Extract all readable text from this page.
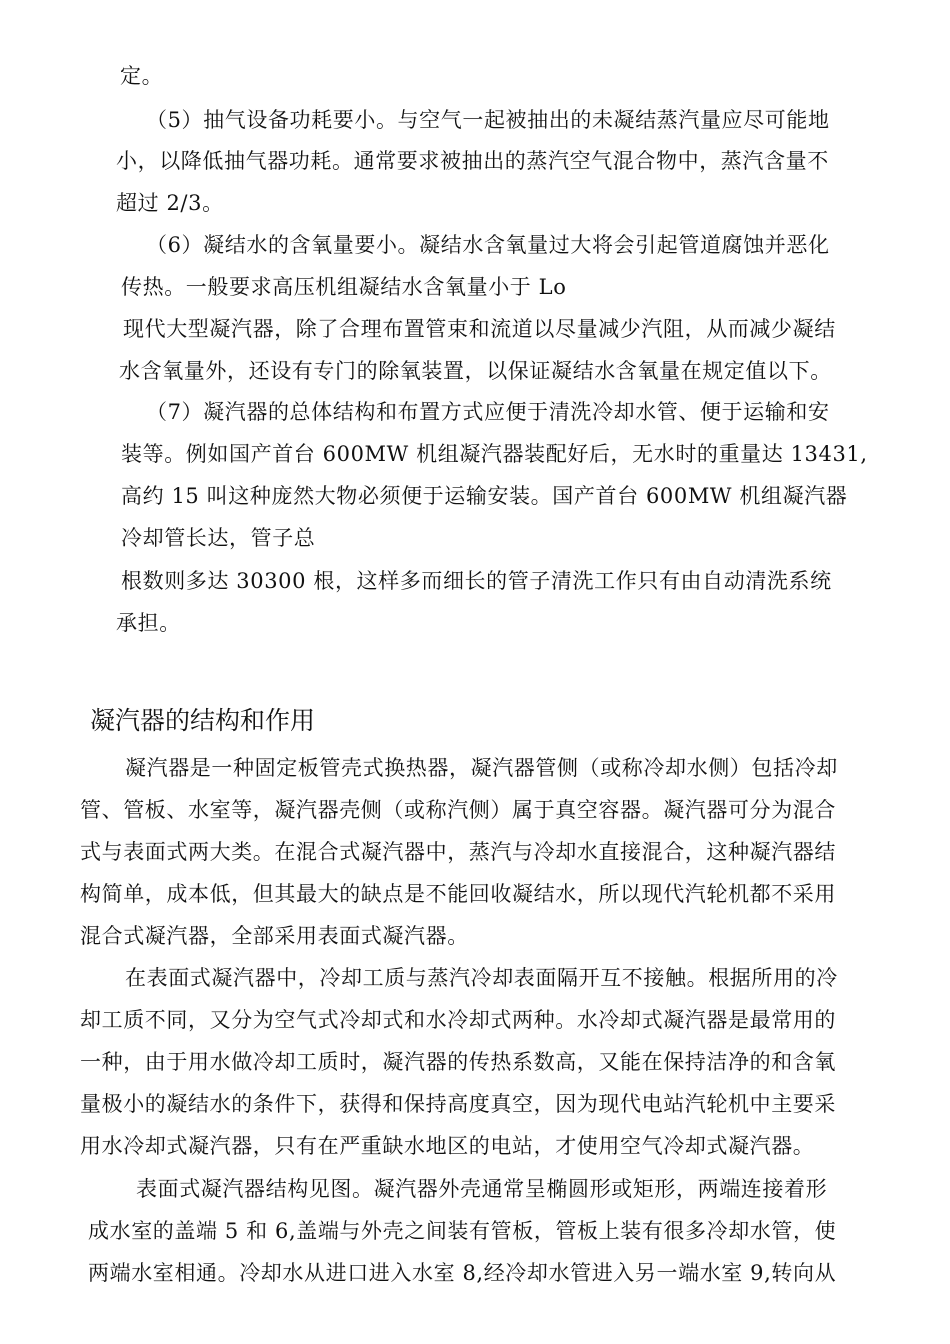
定。
（5）抽气设备功耗要小。与空气一起被抽出的未凝结蒸汽量应尽可能地
小，以降低抽气器功耗。通常要求被抽出的蒸汽空气混合物中，蒸汽含量不
超过 2/3。
（6）凝结水的含氧量要小。凝结水含氧量过大将会引起管道腐蚀并恶化
传热。一般要求高压机组凝结水含氧量小于 Lo
现代大型凝汽器，除了合理布置管束和流道以尽量减少汽阻，从而减少凝结
水含氧量外，还设有专门的除氧装置，以保证凝结水含氧量在规定值以下。
（7）凝汽器的总体结构和布置方式应便于清洗冷却水管、便于运输和安
装等。例如国产首台 600MW 机组凝汽器装配好后，无水时的重量达 13431,
高约 15 叫这种庞然大物必须便于运输安装。国产首台 600MW 机组凝汽器
冷却管长达，管子总
根数则多达 30300 根，这样多而细长的管子清洗工作只有由自动清洗系统
承担。
凝汽器的结构和作用
凝汽器是一种固定板管壳式换热器，凝汽器管侧（或称冷却水侧）包括冷却
管、管板、水室等，凝汽器壳侧（或称汽侧）属于真空容器。凝汽器可分为混合
式与表面式两大类。在混合式凝汽器中，蒸汽与冷却水直接混合，这种凝汽器结
构简单，成本低，但其最大的缺点是不能回收凝结水，所以现代汽轮机都不采用
混合式凝汽器，全部采用表面式凝汽器。
在表面式凝汽器中，冷却工质与蒸汽冷却表面隔开互不接触。根据所用的冷
却工质不同，又分为空气式冷却式和水冷却式两种。水冷却式凝汽器是最常用的
一种，由于用水做冷却工质时，凝汽器的传热系数高，又能在保持洁净的和含氧
量极小的凝结水的条件下，获得和保持高度真空，因为现代电站汽轮机中主要采
用水冷却式凝汽器，只有在严重缺水地区的电站，才使用空气冷却式凝汽器。
表面式凝汽器结构见图。凝汽器外壳通常呈椭圆形或矩形，两端连接着形
成水室的盖端 5 和 6,盖端与外壳之间装有管板，管板上装有很多冷却水管，使
两端水室相通。冷却水从进口进入水室 8,经冷却水管进入另一端水室 9,转向从
